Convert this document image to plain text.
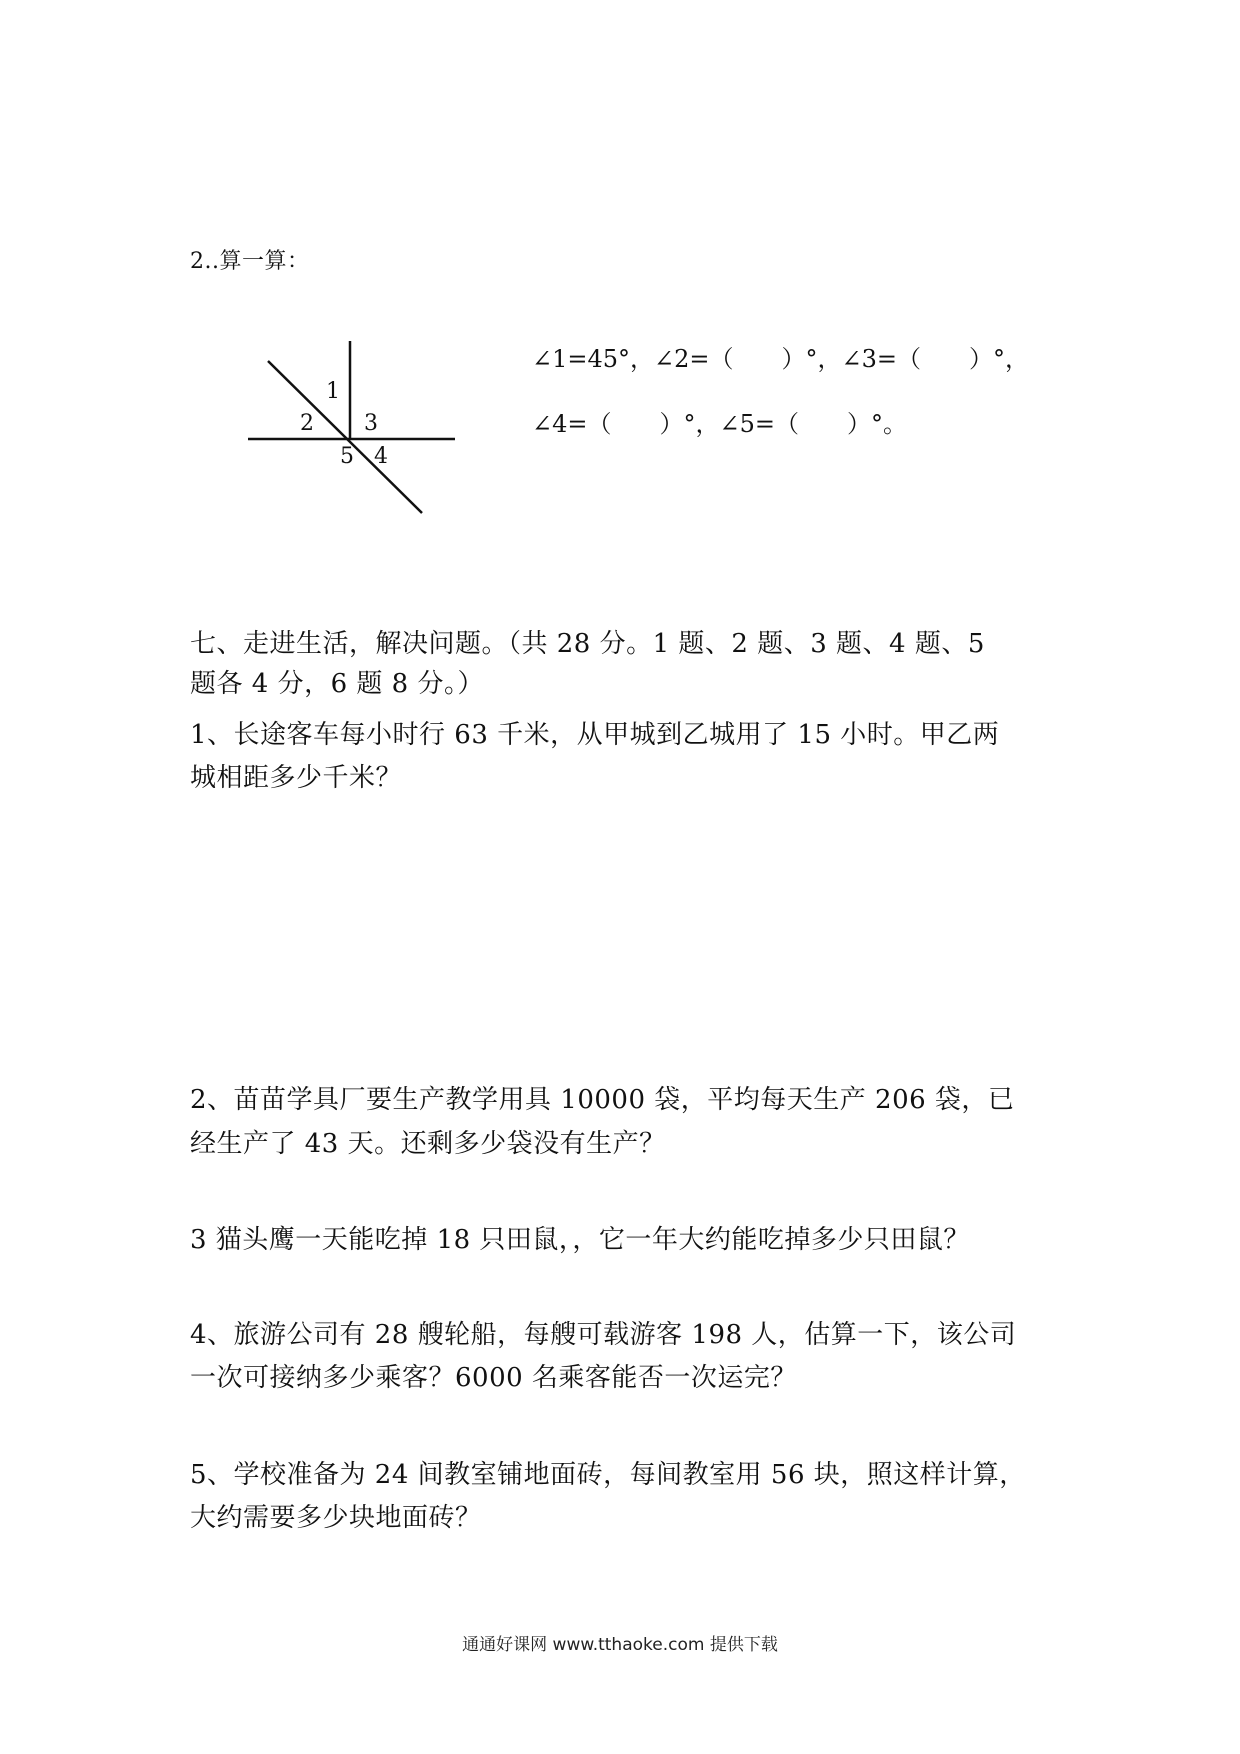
2..算一算：
1
2 3
4
5
∠1=45°，∠2=（　　）°，∠3=（　　）°，
∠4=（　　）°，∠5=（　　）°。
七、走进生活，解决问题。（共 28 分。1 题、2 题、3 题、4 题、5
题各 4 分，6 题 8 分。）
1、长途客车每小时行 63 千米，从甲城到乙城用了 15 小时。甲乙两
城相距多少千米？
2、苗苗学具厂要生产教学用具 10000 袋，平均每天生产 206 袋，已
经生产了 43 天。还剩多少袋没有生产？
3 猫头鹰一天能吃掉 18 只田鼠，，它一年大约能吃掉多少只田鼠？
4、旅游公司有 28 艘轮船，每艘可载游客 198 人，估算一下，该公司
一次可接纳多少乘客？6000 名乘客能否一次运完？
5、学校准备为 24 间教室铺地面砖，每间教室用 56 块，照这样计算，
大约需要多少块地面砖？
通通好课网 www.tthaoke.com 提供下载
